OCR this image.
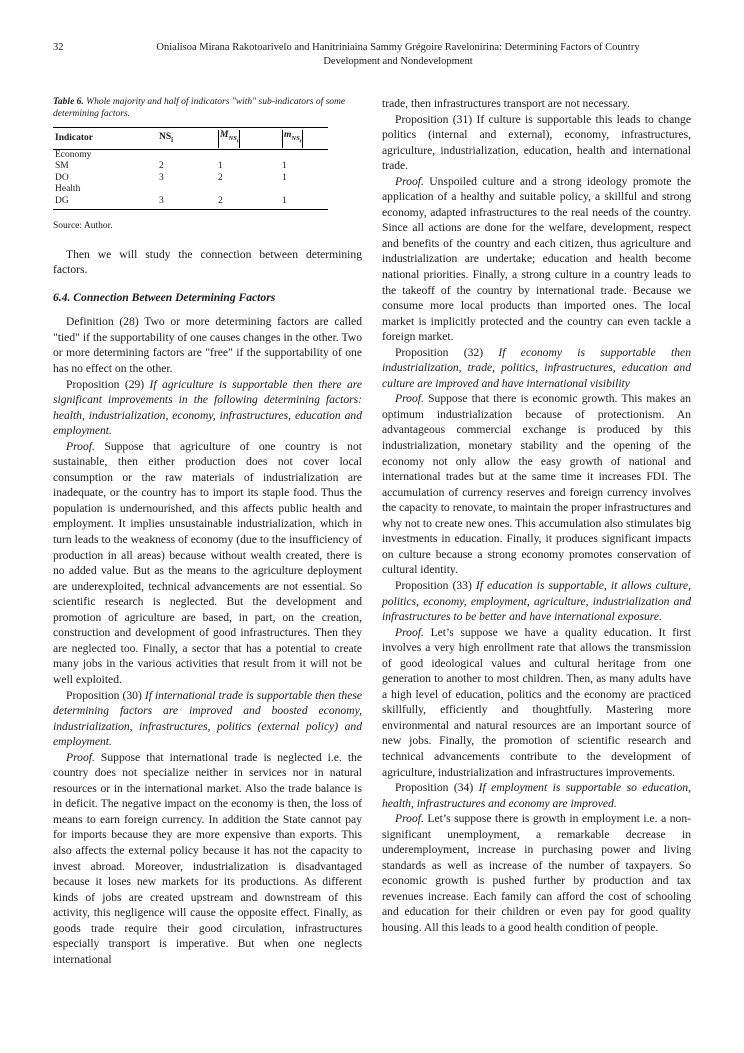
32	Onialisoa Mirana Rakotoarivelo and Hanitriniaina Sammy Grégoire Ravelonirina: Determining Factors of Country
Development and Nondevelopment
Table 6. Whole majority and half of indicators "with" sub-indicators of some determining factors.
Indicator	$NS_i$	$M_{NS_i}$	$m_{NS_i}$
Economy			
SM	2	1	1
DO	3	2	1
Health			
DG	3	2	1
Source: Author.

Then we will study the connection between determining factors.

6.4. Connection Between Determining Factors

Definition (28) Two or more determining factors are called "tied" if the supportability of one causes changes in the other. Two or more determining factors are "free" if the supportability of one has no effect on the other.

Proposition (29) If agriculture is supportable then there are significant improvements in the following determining factors: health, industrialization, economy, infrastructures, education and employment.

Proof. Suppose that agriculture of one country is not sustainable, then either production does not cover local consumption or the raw materials of industrialization are inadequate, or the country has to import its staple food. Thus the population is undernourished, and this affects public health and employment. It implies unsustainable industrialization, which in turn leads to the weakness of economy (due to the insufficiency of production in all areas) because without wealth created, there is no added value. But as the means to the agriculture deployment are underexploited, technical advancements are not essential. So scientific research is neglected. But the development and promotion of agriculture are based, in part, on the creation, construction and development of good infrastructures. Then they are neglected too. Finally, a sector that has a potential to create many jobs in the various activities that result from it will not be well exploited.

Proposition (30) If international trade is supportable then these determining factors are improved and boosted economy, industrialization, infrastructures, politics (external policy) and employment.

Proof. Suppose that international trade is neglected i.e. the country does not specialize neither in services nor in natural resources or in the international market. Also the trade balance is in deficit. The negative impact on the economy is then, the loss of means to earn foreign currency. In addition the State cannot pay for imports because they are more expensive than exports. This also affects the external policy because it has not the capacity to invest abroad. Moreover, industrialization is disadvantaged because it loses new markets for its productions. As different kinds of jobs are created upstream and downstream of this activity, this negligence will cause the opposite effect. Finally, as goods trade require their good circulation, infrastructures especially transport is imperative. But when one neglects international

trade, then infrastructures transport are not necessary.

Proposition (31) If culture is supportable this leads to change politics (internal and external), economy, infrastructures, agriculture, industrialization, education, health and international trade.

Proof. Unspoiled culture and a strong ideology promote the application of a healthy and suitable policy, a skillful and strong economy, adapted infrastructures to the real needs of the country. Since all actions are done for the welfare, development, respect and benefits of the country and each citizen, thus agriculture and industrialization are undertake; education and health become national priorities. Finally, a strong culture in a country leads to the takeoff of the country by international trade. Because we consume more local products than imported ones. The local market is implicitly protected and the country can even tackle a foreign market.

Proposition (32) If economy is supportable then industrialization, trade, politics, infrastructures, education and culture are improved and have international visibility

Proof. Suppose that there is economic growth. This makes an optimum industrialization because of protectionism. An advantageous commercial exchange is produced by this industrialization, monetary stability and the opening of the economy not only allow the easy growth of national and international trades but at the same time it increases FDI. The accumulation of currency reserves and foreign currency involves the capacity to renovate, to maintain the proper infrastructures and why not to create new ones. This accumulation also stimulates big investments in education. Finally, it produces significant impacts on culture because a strong economy promotes conservation of cultural identity.

Proposition (33) If education is supportable, it allows culture, politics, economy, employment, agriculture, industrialization and infrastructures to be better and have international exposure.

Proof. Let’s suppose we have a quality education. It first involves a very high enrollment rate that allows the transmission of good ideological values and cultural heritage from one generation to another to most children. Then, as many adults have a high level of education, politics and the economy are practiced skillfully, efficiently and thoughtfully. Mastering more environmental and natural resources are an important source of new jobs. Finally, the promotion of scientific research and technical advancements contribute to the development of agriculture, industrialization and infrastructures improvements.

Proposition (34) If employment is supportable so education, health, infrastructures and economy are improved.

Proof. Let’s suppose there is growth in employment i.e. a non-significant unemployment, a remarkable decrease in underemployment, increase in purchasing power and living standards as well as increase of the number of taxpayers. So economic growth is pushed further by production and tax revenues increase. Each family can afford the cost of schooling and education for their children or even pay for good quality housing. All this leads to a good health condition of people.
